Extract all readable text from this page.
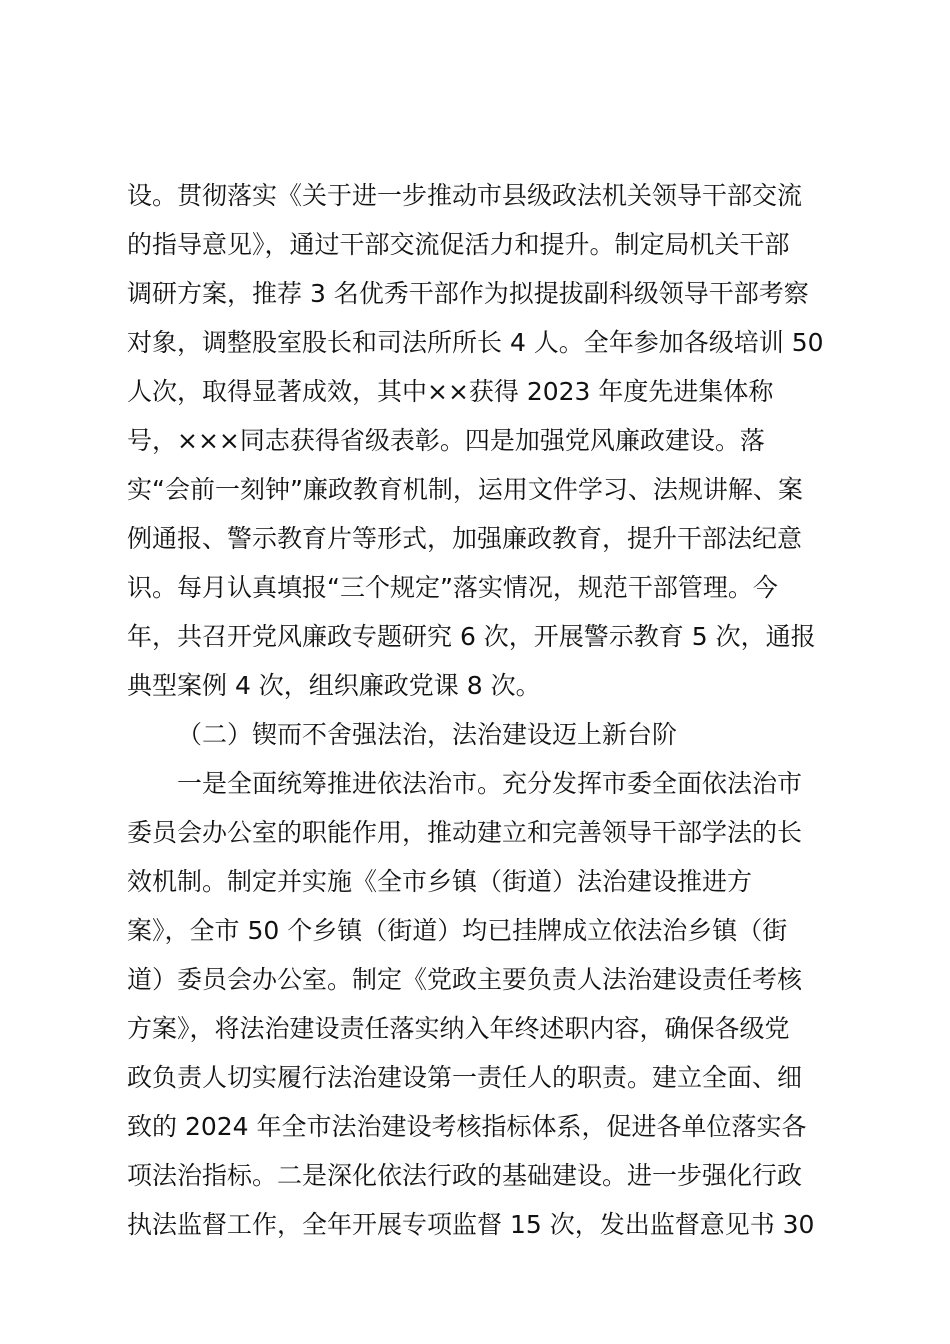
设。贯彻落实《关于进一步推动市县级政法机关领导干部交流
的指导意见》，通过干部交流促活力和提升。制定局机关干部
调研方案，推荐 3 名优秀干部作为拟提拔副科级领导干部考察
对象，调整股室股长和司法所所长 4 人。全年参加各级培训 50
人次，取得显著成效，其中××获得 2023 年度先进集体称
号，×××同志获得省级表彰。四是加强党风廉政建设。落
实“会前一刻钟”廉政教育机制，运用文件学习、法规讲解、案
例通报、警示教育片等形式，加强廉政教育，提升干部法纪意
识。每月认真填报“三个规定”落实情况，规范干部管理。今
年，共召开党风廉政专题研究 6 次，开展警示教育 5 次，通报
典型案例 4 次，组织廉政党课 8 次。
（二）锲而不舍强法治，法治建设迈上新台阶
一是全面统筹推进依法治市。充分发挥市委全面依法治市
委员会办公室的职能作用，推动建立和完善领导干部学法的长
效机制。制定并实施《全市乡镇（街道）法治建设推进方
案》，全市 50 个乡镇（街道）均已挂牌成立依法治乡镇（街
道）委员会办公室。制定《党政主要负责人法治建设责任考核
方案》，将法治建设责任落实纳入年终述职内容，确保各级党
政负责人切实履行法治建设第一责任人的职责。建立全面、细
致的 2024 年全市法治建设考核指标体系，促进各单位落实各
项法治指标。二是深化依法行政的基础建设。进一步强化行政
执法监督工作，全年开展专项监督 15 次，发出监督意见书 30
